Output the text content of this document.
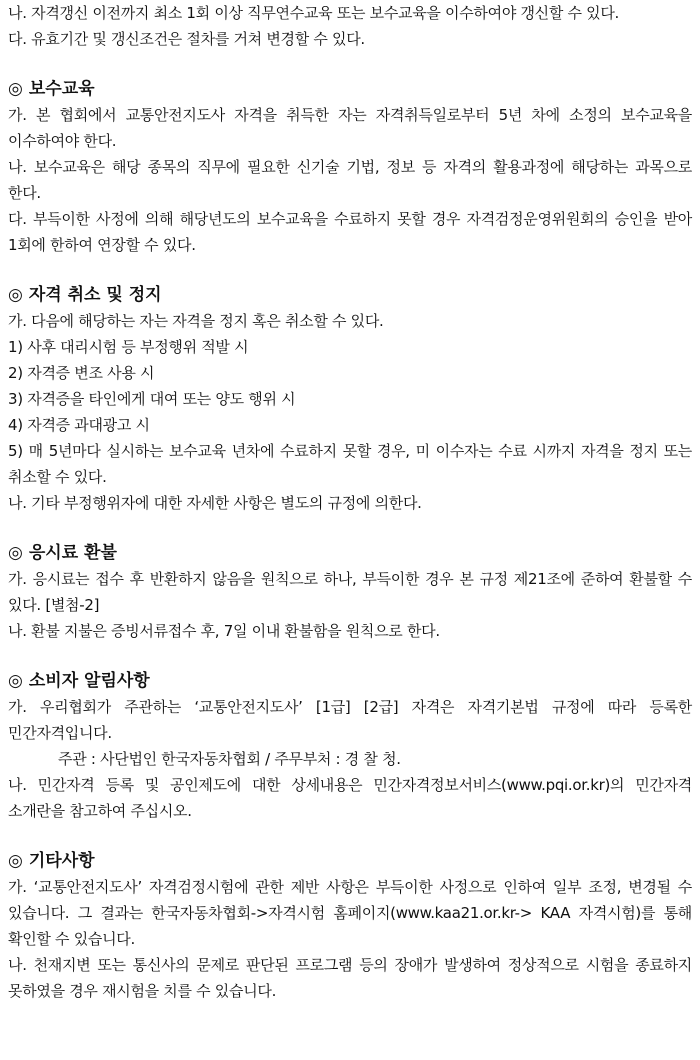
나. 자격갱신 이전까지 최소 1회 이상 직무연수교육 또는 보수교육을 이수하여야 갱신할 수 있다.

다. 유효기간 및 갱신조건은 절차를 거쳐 변경할 수 있다.

◎ 보수교육

가. 본 협회에서 교통안전지도사 자격을 취득한 자는 자격취득일로부터 5년 차에 소정의 보수교육을 이수하여야 한다.

나. 보수교육은 해당 종목의 직무에 필요한 신기술 기법, 정보 등 자격의 활용과정에 해당하는 과목으로 한다.

다. 부득이한 사정에 의해 해당년도의 보수교육을 수료하지 못할 경우 자격검정운영위원회의 승인을 받아 1회에 한하여 연장할 수 있다.

◎ 자격 취소 및 정지

가. 다음에 해당하는 자는 자격을 정지 혹은 취소할 수 있다.

1) 사후 대리시험 등 부정행위 적발 시

2) 자격증 변조 사용 시

3) 자격증을 타인에게 대여 또는 양도 행위 시

4) 자격증 과대광고 시

5) 매 5년마다 실시하는 보수교육 년차에 수료하지 못할 경우, 미 이수자는 수료 시까지 자격을 정지 또는 취소할 수 있다.

나. 기타 부정행위자에 대한 자세한 사항은 별도의 규정에 의한다.

◎ 응시료 환불

가. 응시료는 접수 후 반환하지 않음을 원칙으로 하나, 부득이한 경우 본 규정 제21조에 준하여 환불할 수 있다. [별첨-2]

나. 환불 지불은 증빙서류접수 후, 7일 이내 환불함을 원칙으로 한다.

◎ 소비자 알림사항

가. 우리협회가 주관하는 ‘교통안전지도사’ [1급] [2급] 자격은 자격기본법 규정에 따라 등록한 민간자격입니다.

주관 : 사단법인 한국자동차협회 / 주무부처 : 경 찰 청.

나. 민간자격 등록 및 공인제도에 대한 상세내용은 민간자격정보서비스(www.pqi.or.kr)의 민간자격 소개란을 참고하여 주십시오.

◎ 기타사항

가. ‘교통안전지도사’ 자격검정시험에 관한 제반 사항은 부득이한 사정으로 인하여 일부 조정, 변경될 수 있습니다. 그 결과는 한국자동차협회->자격시험 홈페이지(www.kaa21.or.kr-> KAA 자격시험)를 통해 확인할 수 있습니다.

나. 천재지변 또는 통신사의 문제로 판단된 프로그램 등의 장애가 발생하여 정상적으로 시험을 종료하지 못하였을 경우 재시험을 치를 수 있습니다.
